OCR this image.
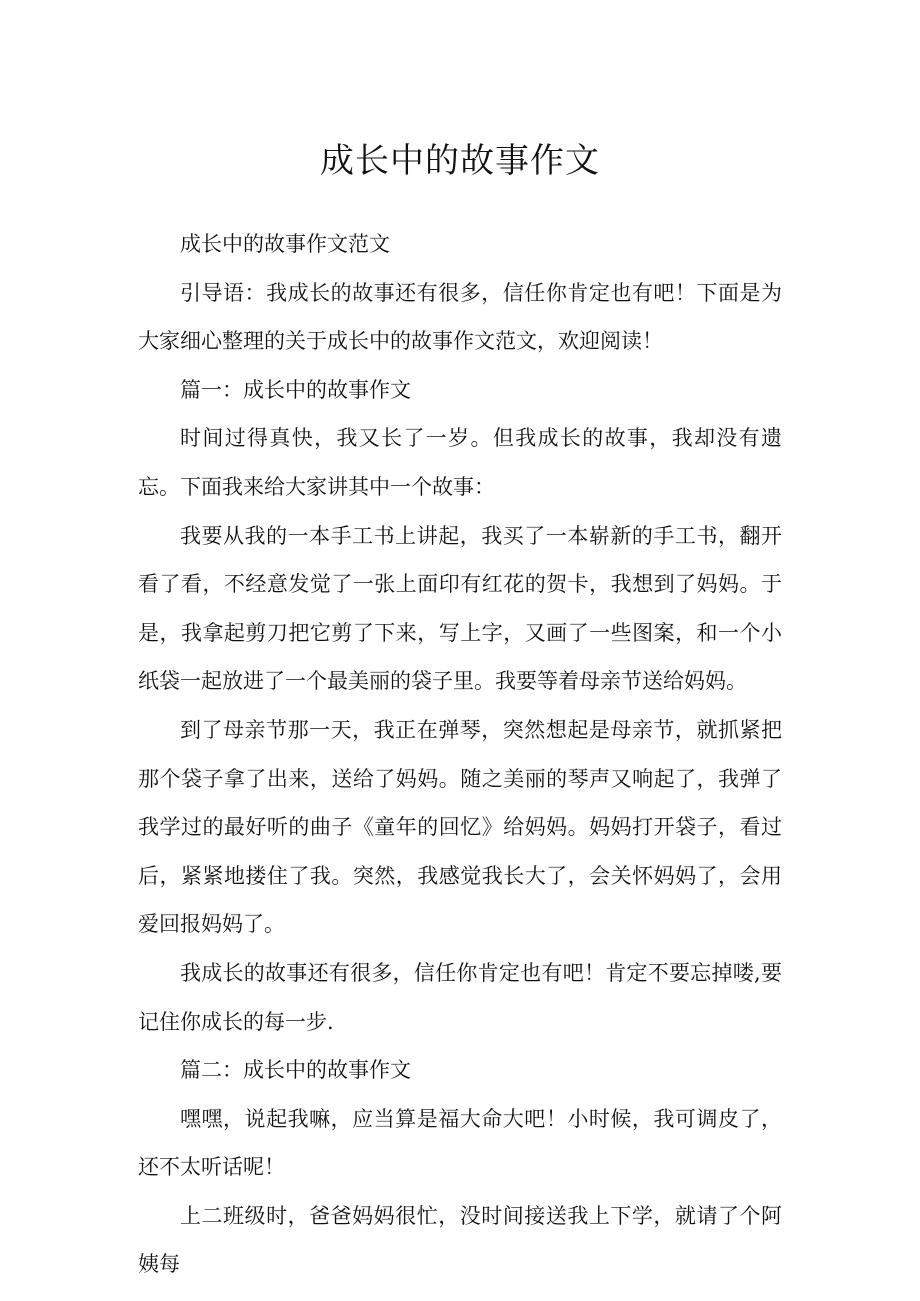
成长中的故事作文

成长中的故事作文范文

引导语：我成长的故事还有很多，信任你肯定也有吧！下面是为大家细心整理的关于成长中的故事作文范文，欢迎阅读！

篇一：成长中的故事作文

时间过得真快，我又长了一岁。但我成长的故事，我却没有遗忘。下面我来给大家讲其中一个故事：

我要从我的一本手工书上讲起，我买了一本崭新的手工书，翻开看了看，不经意发觉了一张上面印有红花的贺卡，我想到了妈妈。于是，我拿起剪刀把它剪了下来，写上字，又画了一些图案，和一个小纸袋一起放进了一个最美丽的袋子里。我要等着母亲节送给妈妈。

到了母亲节那一天，我正在弹琴，突然想起是母亲节，就抓紧把那个袋子拿了出来，送给了妈妈。随之美丽的琴声又响起了，我弹了我学过的最好听的曲子《童年的回忆》给妈妈。妈妈打开袋子，看过后，紧紧地搂住了我。突然，我感觉我长大了，会关怀妈妈了，会用爱回报妈妈了。

我成长的故事还有很多，信任你肯定也有吧！肯定不要忘掉喽,要记住你成长的每一步.

篇二：成长中的故事作文

嘿嘿，说起我嘛，应当算是福大命大吧！小时候，我可调皮了，还不太听话呢！

上二班级时，爸爸妈妈很忙，没时间接送我上下学，就请了个阿姨每
